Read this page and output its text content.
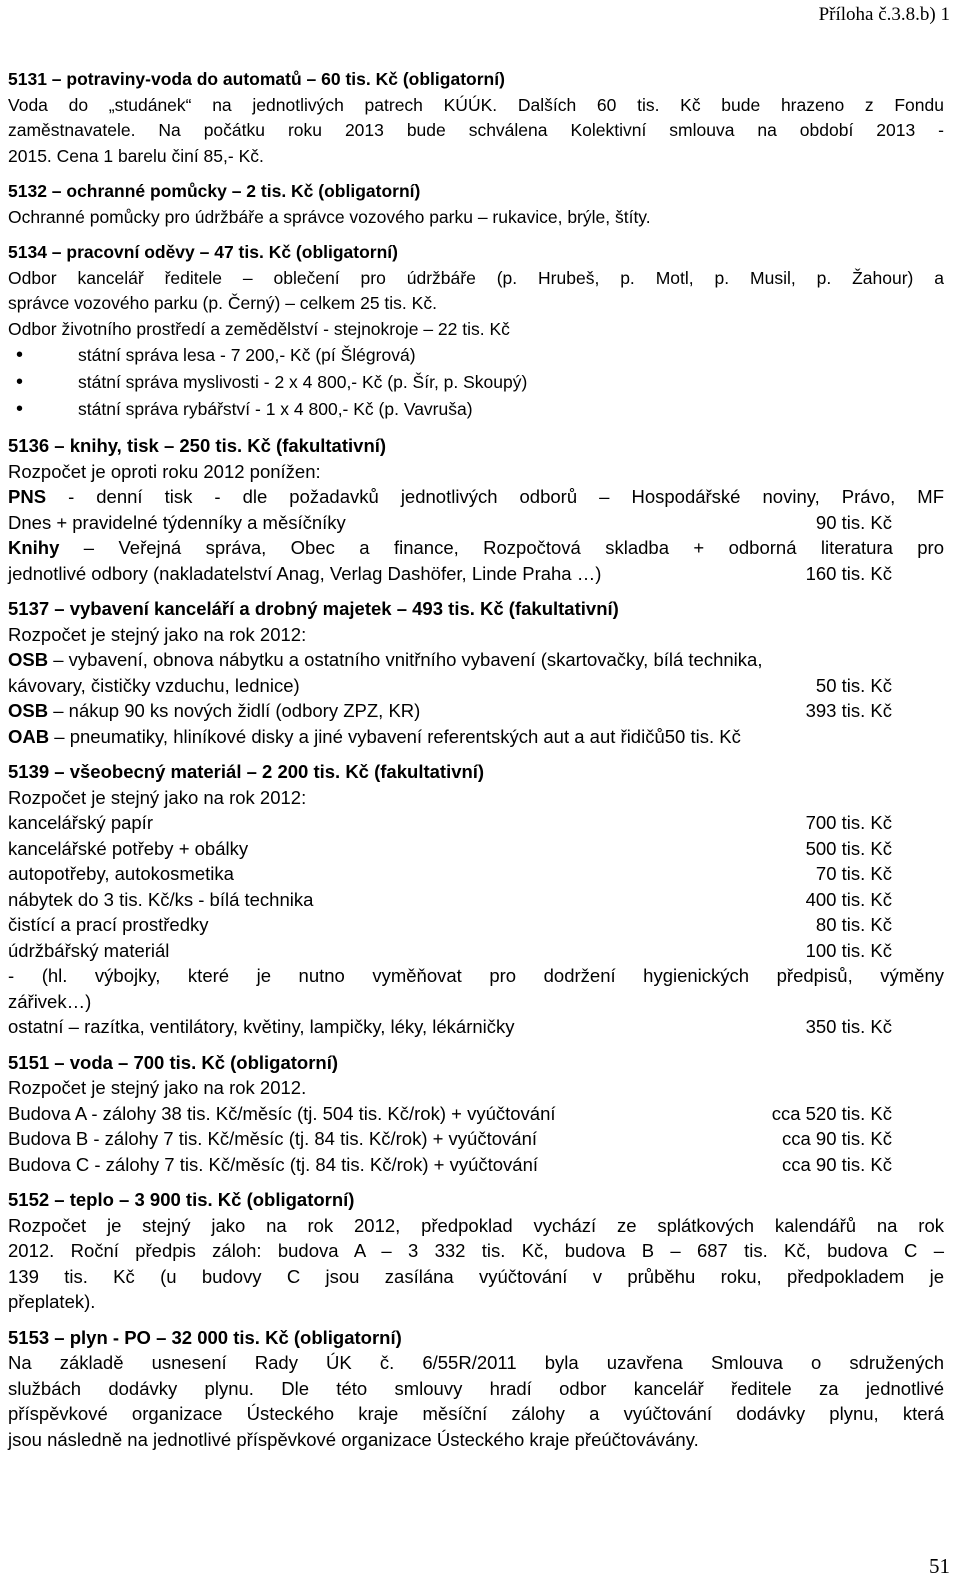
Příloha č.3.8.b) 1
5131 – potraviny-voda do automatů – 60 tis. Kč (obligatorní)
Voda do „studánek“ na jednotlivých patrech KÚÚK. Dalších 60 tis. Kč bude hrazeno z Fondu
zaměstnavatele. Na počátku roku 2013 bude schválena Kolektivní smlouva na období 2013 -
2015. Cena 1 barelu činí 85,- Kč.
5132 – ochranné pomůcky – 2 tis. Kč (obligatorní)
Ochranné pomůcky pro údržbáře a správce vozového parku – rukavice, brýle, štíty.
5134 – pracovní oděvy – 47 tis. Kč (obligatorní)
Odbor kancelář ředitele – oblečení pro údržbáře (p. Hrubeš, p. Motl, p. Musil, p. Žahour) a
správce vozového parku (p. Černý) – celkem 25 tis. Kč.
Odbor životního prostředí a zemědělství - stejnokroje – 22 tis. Kč
• státní správa lesa - 7 200,- Kč (pí Šlégrová)
• státní správa myslivosti - 2 x 4 800,- Kč (p. Šír, p. Skoupý)
• státní správa rybářství - 1 x 4 800,- Kč (p. Vavruša)
5136 – knihy, tisk – 250 tis. Kč (fakultativní)
Rozpočet je oproti roku 2012 ponížen:
PNS - denní tisk - dle požadavků jednotlivých odborů – Hospodářské noviny, Právo, MF
Dnes + pravidelné týdenníky a měsíčníky	90 tis. Kč
Knihy – Veřejná správa, Obec a finance, Rozpočtová skladba + odborná literatura pro
jednotlivé odbory (nakladatelství Anag, Verlag Dashöfer, Linde Praha …)	160 tis. Kč
5137 – vybavení kanceláří a drobný majetek – 493 tis. Kč (fakultativní)
Rozpočet je stejný jako na rok 2012:
OSB – vybavení, obnova nábytku a ostatního vnitřního vybavení (skartovačky, bílá technika,
kávovary, čističky vzduchu, lednice)	50 tis. Kč
OSB – nákup 90 ks nových židlí (odbory ZPZ, KR)	393 tis. Kč
OAB – pneumatiky, hliníkové disky a jiné vybavení referentských aut a aut řidičů50 tis. Kč
5139 – všeobecný materiál – 2 200 tis. Kč (fakultativní)
Rozpočet je stejný jako na rok 2012:
kancelářský papír	700 tis. Kč
kancelářské potřeby + obálky	500 tis. Kč
autopotřeby, autokosmetika	70 tis. Kč
nábytek do 3 tis. Kč/ks - bílá technika	400 tis. Kč
čistící a prací prostředky	80 tis. Kč
údržbářský materiál	100 tis. Kč
- (hl. výbojky, které je nutno vyměňovat pro dodržení hygienických předpisů, výměny
zářivek…)
ostatní – razítka, ventilátory, květiny, lampičky, léky, lékárničky	350 tis. Kč
5151 – voda – 700 tis. Kč (obligatorní)
Rozpočet je stejný jako na rok 2012.
Budova A - zálohy 38 tis. Kč/měsíc (tj. 504 tis. Kč/rok) + vyúčtování	cca 520 tis. Kč
Budova B - zálohy 7 tis. Kč/měsíc (tj. 84 tis. Kč/rok) + vyúčtování	cca 90 tis. Kč
Budova C - zálohy 7 tis. Kč/měsíc (tj. 84 tis. Kč/rok) + vyúčtování	cca 90 tis. Kč
5152 – teplo – 3 900 tis. Kč (obligatorní)
Rozpočet je stejný jako na rok 2012, předpoklad vychází ze splátkových kalendářů na rok
2012. Roční předpis záloh: budova A – 3 332 tis. Kč, budova B – 687 tis. Kč, budova C –
139 tis. Kč (u budovy C jsou zasílána vyúčtování v průběhu roku, předpokladem je
přeplatek).
5153 – plyn - PO – 32 000 tis. Kč (obligatorní)
Na základě usnesení Rady ÚK č. 6/55R/2011 byla uzavřena Smlouva o sdružených
službách dodávky plynu. Dle této smlouvy hradí odbor kancelář ředitele za jednotlivé
příspěvkové organizace Ústeckého kraje měsíční zálohy a vyúčtování dodávky plynu, která
jsou následně na jednotlivé příspěvkové organizace Ústeckého kraje přeúčtovávány.
51
